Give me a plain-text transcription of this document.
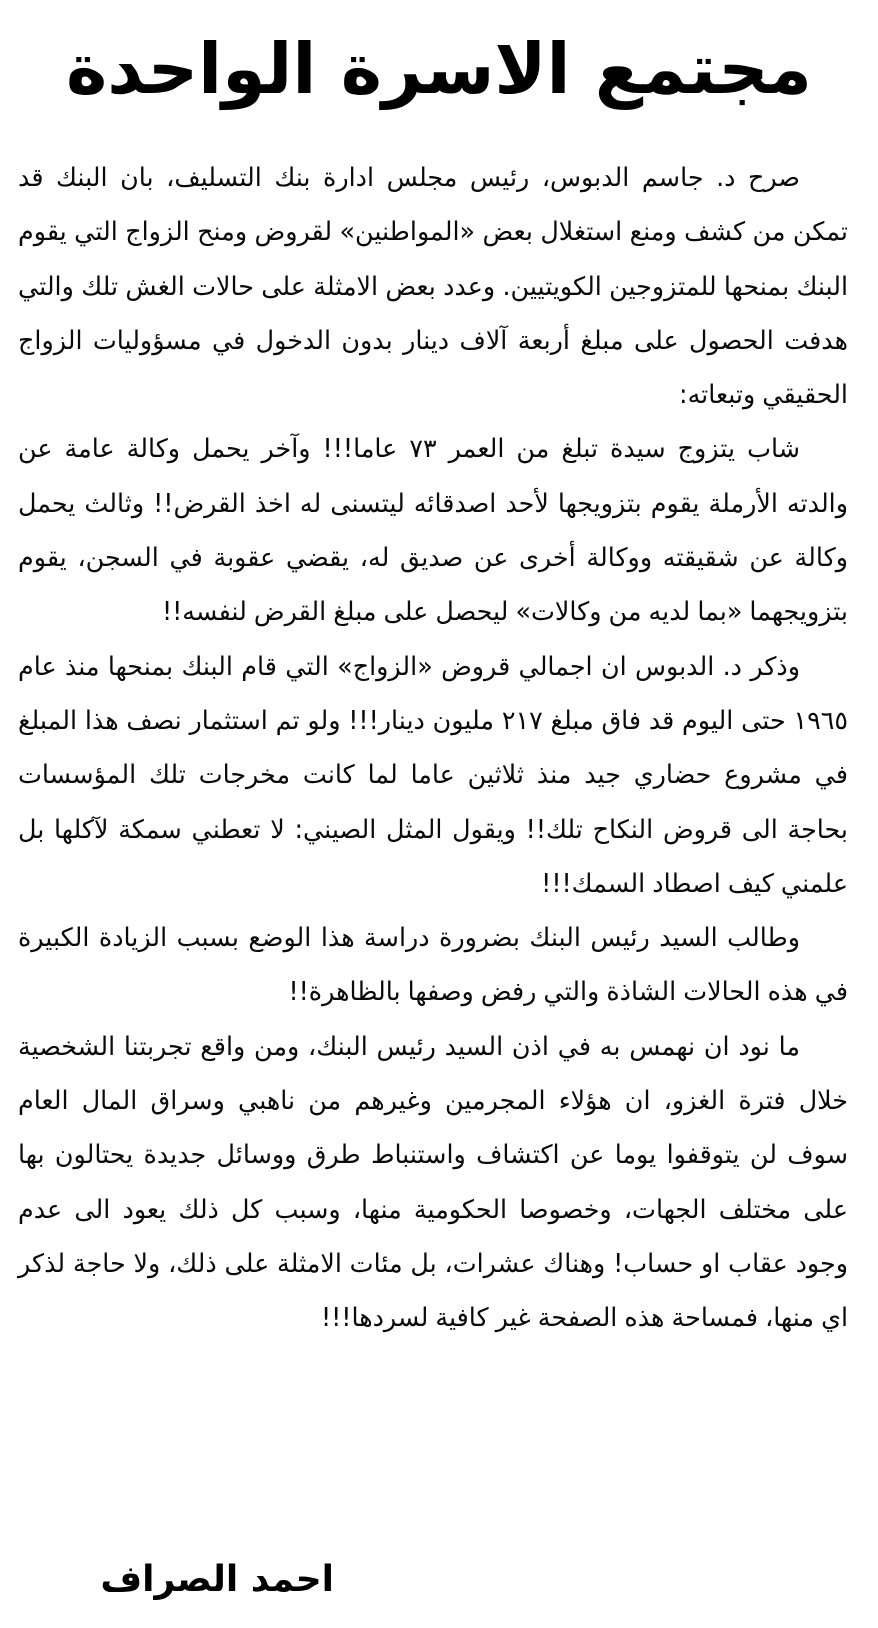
مجتمع الاسرة الواحدة

صرح د. جاسم الدبوس، رئيس مجلس ادارة بنك التسليف، بان البنك قد تمكن من كشف ومنع استغلال بعض «المواطنين» لقروض ومنح الزواج التي يقوم البنك بمنحها للمتزوجين الكويتيين. وعدد بعض الامثلة على حالات الغش تلك والتي هدفت الحصول على مبلغ أربعة آلاف دينار بدون الدخول في مسؤوليات الزواج الحقيقي وتبعاته:

شاب يتزوج سيدة تبلغ من العمر ٧٣ عاما!!! وآخر يحمل وكالة عامة عن والدته الأرملة يقوم بتزويجها لأحد اصدقائه ليتسنى له اخذ القرض!! وثالث يحمل وكالة عن شقيقته ووكالة أخرى عن صديق له، يقضي عقوبة في السجن، يقوم بتزويجهما «بما لديه من وكالات» ليحصل على مبلغ القرض لنفسه!!

وذكر د. الدبوس ان اجمالي قروض «الزواج» التي قام البنك بمنحها منذ عام ١٩٦٥ حتى اليوم قد فاق مبلغ ٢١٧ مليون دينار!!! ولو تم استثمار نصف هذا المبلغ في مشروع حضاري جيد منذ ثلاثين عاما لما كانت مخرجات تلك المؤسسات بحاجة الى قروض النكاح تلك!! ويقول المثل الصيني: لا تعطني سمكة لآكلها بل علمني كيف اصطاد السمك!!!

وطالب السيد رئيس البنك بضرورة دراسة هذا الوضع بسبب الزيادة الكبيرة في هذه الحالات الشاذة والتي رفض وصفها بالظاهرة!!

ما نود ان نهمس به في اذن السيد رئيس البنك، ومن واقع تجربتنا الشخصية خلال فترة الغزو، ان هؤلاء المجرمين وغيرهم من ناهبي وسراق المال العام سوف لن يتوقفوا يوما عن اكتشاف واستنباط طرق ووسائل جديدة يحتالون بها على مختلف الجهات، وخصوصا الحكومية منها، وسبب كل ذلك يعود الى عدم وجود عقاب او حساب! وهناك عشرات، بل مئات الامثلة على ذلك، ولا حاجة لذكر اي منها، فمساحة هذه الصفحة غير كافية لسردها!!!

احمد الصراف
